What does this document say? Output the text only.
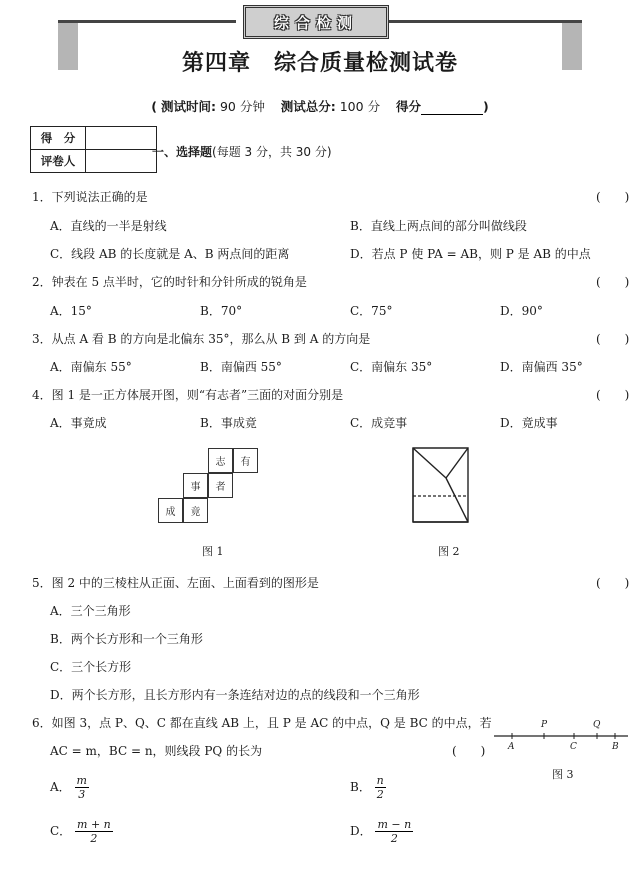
综合检测
第四章　综合质量检测试卷
( 测试时间: 90 分钟 测试总分: 100 分 得分	)
得　分	
评卷人	
一、选择题(每题 3 分，共 30 分)
1．下列说法正确的是	(　　)
A．直线的一半是射线	B．直线上两点间的部分叫做线段
C．线段 AB 的长度就是 A、B 两点间的距离	D．若点 P 使 PA = AB，则 P 是 AB 的中点
2．钟表在 5 点半时，它的时针和分针所成的锐角是	(　　)
A．15°	B．70°	C．75°	D．90°
3．从点 A 看 B 的方向是北偏东 35°，那么从 B 到 A 的方向是	(　　)
A．南偏东 55°	B．南偏西 55°	C．南偏东 35°	D．南偏西 35°
4．图 1 是一正方体展开图，则“有志者”三面的对面分别是	(　　)
A．事竟成	B．事成竟	C．成竞事	D．竟成事
志	有
事	者
成	竟
图 1	图 2
5．图 2 中的三棱柱从正面、左面、上面看到的图形是	(　　)
A．三个三角形
B．两个长方形和一个三角形
C．三个长方形
D．两个长方形，且长方形内有一条连结对边的点的线段和一个三角形
6．如图 3，点 P、Q、C 都在直线 AB 上，且 P 是 AC 的中点，Q 是 BC 的中点，若
AC = m，BC = n，则线段 PQ 的长为	(　　)
P	Q
A	C	B
图 3
A． $\frac{m}{3}$	B． $\frac{n}{2}$
C． $\frac{m + n}{2}$	D． $\frac{m - n}{2}$
